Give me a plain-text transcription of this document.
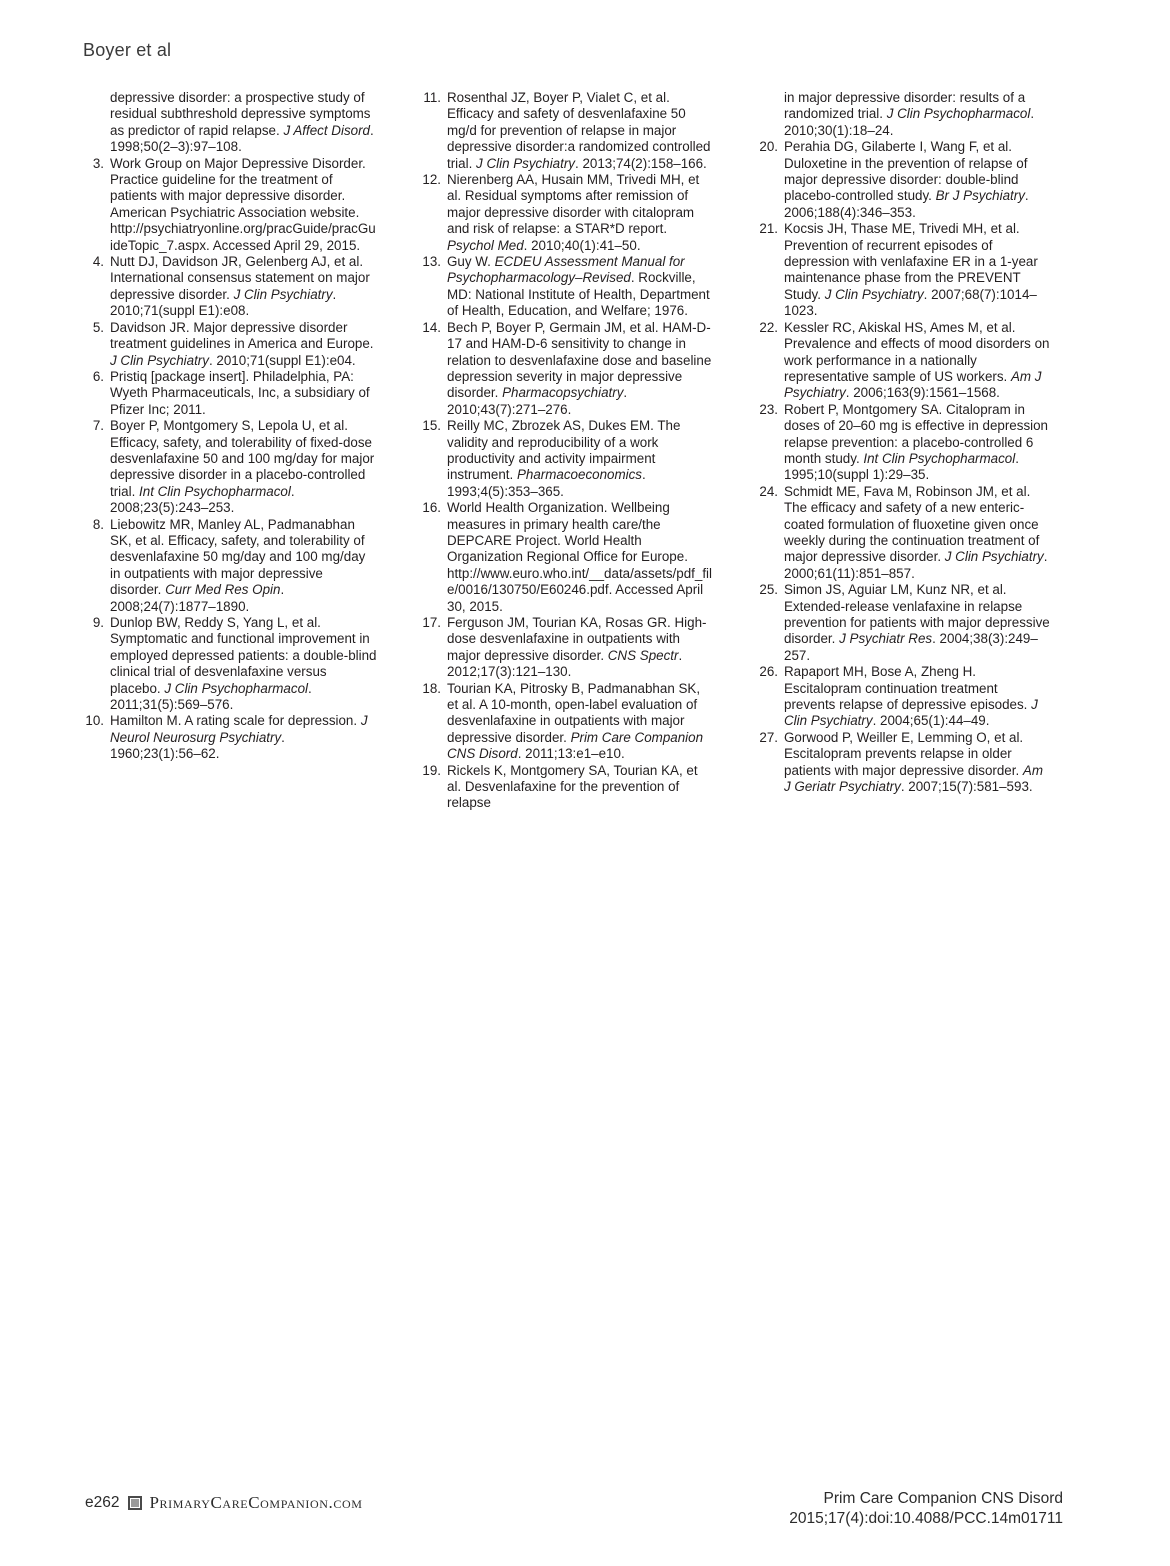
Boyer et al
depressive disorder: a prospective study of residual subthreshold depressive symptoms as predictor of rapid relapse. J Affect Disord. 1998;50(2–3):97–108.
3. Work Group on Major Depressive Disorder. Practice guideline for the treatment of patients with major depressive disorder. American Psychiatric Association website. http://psychiatryonline.org/pracGuide/pracGuideTopic_7.aspx. Accessed April 29, 2015.
4. Nutt DJ, Davidson JR, Gelenberg AJ, et al. International consensus statement on major depressive disorder. J Clin Psychiatry. 2010;71(suppl E1):e08.
5. Davidson JR. Major depressive disorder treatment guidelines in America and Europe. J Clin Psychiatry. 2010;71(suppl E1):e04.
6. Pristiq [package insert]. Philadelphia, PA: Wyeth Pharmaceuticals, Inc, a subsidiary of Pfizer Inc; 2011.
7. Boyer P, Montgomery S, Lepola U, et al. Efficacy, safety, and tolerability of fixed-dose desvenlafaxine 50 and 100 mg/day for major depressive disorder in a placebo-controlled trial. Int Clin Psychopharmacol. 2008;23(5):243–253.
8. Liebowitz MR, Manley AL, Padmanabhan SK, et al. Efficacy, safety, and tolerability of desvenlafaxine 50 mg/day and 100 mg/day in outpatients with major depressive disorder. Curr Med Res Opin. 2008;24(7):1877–1890.
9. Dunlop BW, Reddy S, Yang L, et al. Symptomatic and functional improvement in employed depressed patients: a double-blind clinical trial of desvenlafaxine versus placebo. J Clin Psychopharmacol. 2011;31(5):569–576.
10. Hamilton M. A rating scale for depression. J Neurol Neurosurg Psychiatry. 1960;23(1):56–62.
11. Rosenthal JZ, Boyer P, Vialet C, et al. Efficacy and safety of desvenlafaxine 50 mg/d for prevention of relapse in major depressive disorder:a randomized controlled trial. J Clin Psychiatry. 2013;74(2):158–166.
12. Nierenberg AA, Husain MM, Trivedi MH, et al. Residual symptoms after remission of major depressive disorder with citalopram and risk of relapse: a STAR*D report. Psychol Med. 2010;40(1):41–50.
13. Guy W. ECDEU Assessment Manual for Psychopharmacology–Revised. Rockville, MD: National Institute of Health, Department of Health, Education, and Welfare; 1976.
14. Bech P, Boyer P, Germain JM, et al. HAM-D-17 and HAM-D-6 sensitivity to change in relation to desvenlafaxine dose and baseline depression severity in major depressive disorder. Pharmacopsychiatry. 2010;43(7):271–276.
15. Reilly MC, Zbrozek AS, Dukes EM. The validity and reproducibility of a work productivity and activity impairment instrument. Pharmacoeconomics. 1993;4(5):353–365.
16. World Health Organization. Wellbeing measures in primary health care/the DEPCARE Project. World Health Organization Regional Office for Europe. http://www.euro.who.int/__data/assets/pdf_file/0016/130750/E60246.pdf. Accessed April 30, 2015.
17. Ferguson JM, Tourian KA, Rosas GR. High-dose desvenlafaxine in outpatients with major depressive disorder. CNS Spectr. 2012;17(3):121–130.
18. Tourian KA, Pitrosky B, Padmanabhan SK, et al. A 10-month, open-label evaluation of desvenlafaxine in outpatients with major depressive disorder. Prim Care Companion CNS Disord. 2011;13:e1–e10.
19. Rickels K, Montgomery SA, Tourian KA, et al. Desvenlafaxine for the prevention of relapse
in major depressive disorder: results of a randomized trial. J Clin Psychopharmacol. 2010;30(1):18–24.
20. Perahia DG, Gilaberte I, Wang F, et al. Duloxetine in the prevention of relapse of major depressive disorder: double-blind placebo-controlled study. Br J Psychiatry. 2006;188(4):346–353.
21. Kocsis JH, Thase ME, Trivedi MH, et al. Prevention of recurrent episodes of depression with venlafaxine ER in a 1-year maintenance phase from the PREVENT Study. J Clin Psychiatry. 2007;68(7):1014–1023.
22. Kessler RC, Akiskal HS, Ames M, et al. Prevalence and effects of mood disorders on work performance in a nationally representative sample of US workers. Am J Psychiatry. 2006;163(9):1561–1568.
23. Robert P, Montgomery SA. Citalopram in doses of 20–60 mg is effective in depression relapse prevention: a placebo-controlled 6 month study. Int Clin Psychopharmacol. 1995;10(suppl 1):29–35.
24. Schmidt ME, Fava M, Robinson JM, et al. The efficacy and safety of a new enteric-coated formulation of fluoxetine given once weekly during the continuation treatment of major depressive disorder. J Clin Psychiatry. 2000;61(11):851–857.
25. Simon JS, Aguiar LM, Kunz NR, et al. Extended-release venlafaxine in relapse prevention for patients with major depressive disorder. J Psychiatr Res. 2004;38(3):249–257.
26. Rapaport MH, Bose A, Zheng H. Escitalopram continuation treatment prevents relapse of depressive episodes. J Clin Psychiatry. 2004;65(1):44–49.
27. Gorwood P, Weiller E, Lemming O, et al. Escitalopram prevents relapse in older patients with major depressive disorder. Am J Geriatr Psychiatry. 2007;15(7):581–593.
e262 PrimaryCareCompanion.com	Prim Care Companion CNS Disord
2015;17(4):doi:10.4088/PCC.14m01711
